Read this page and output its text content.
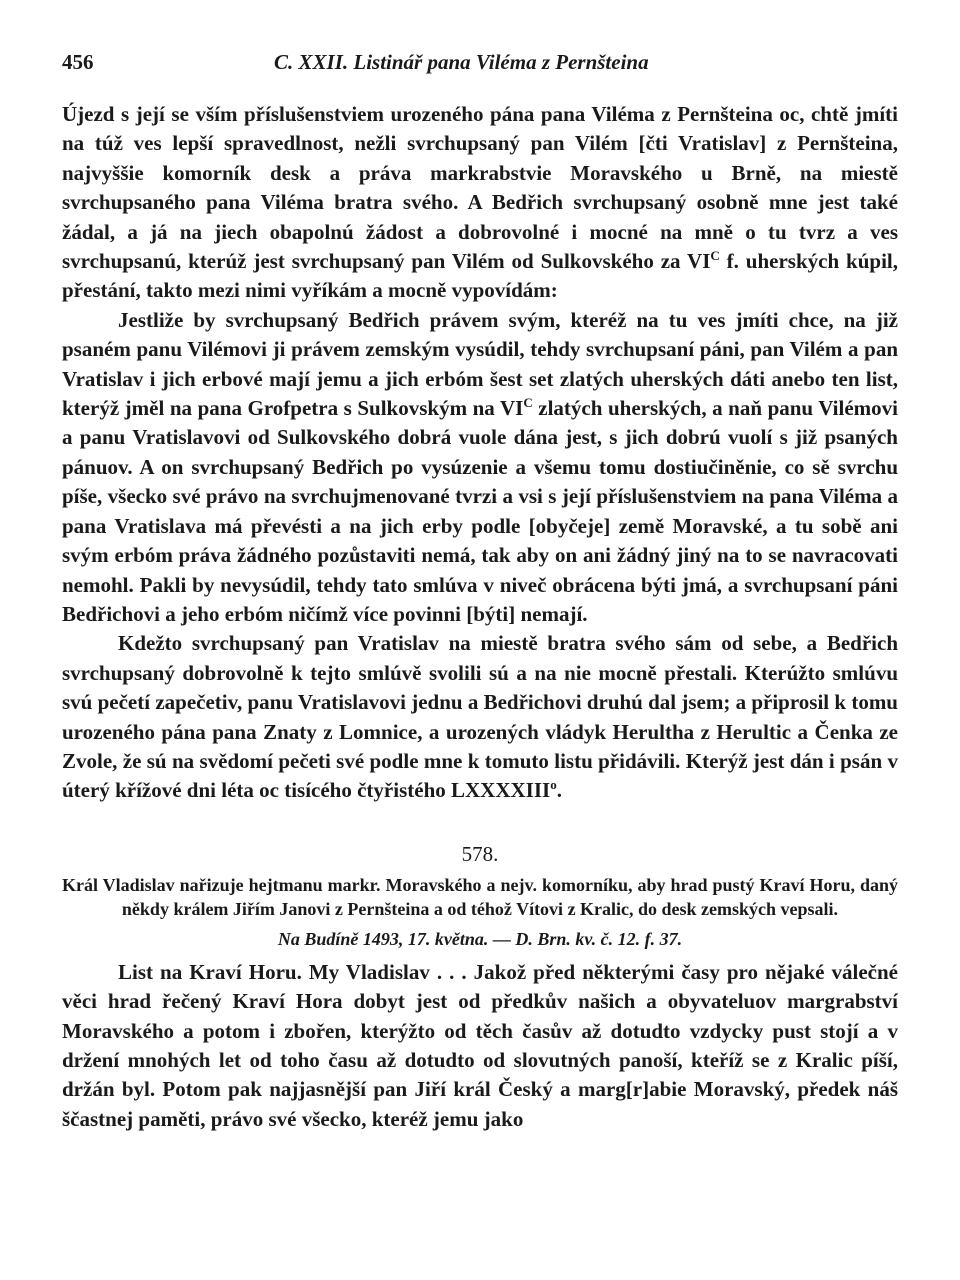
456	C. XXII. Listinář pana Viléma z Pernšteina

Újezd s její se vším příslušenstviem urozeného pána pana Viléma z Pernšteina oc, chtě jmíti na túž ves lepší spravedlnost, nežli svrchupsaný pan Vilém [čti Vratislav] z Pernšteina, najvyššie komorník desk a práva markrabstvie Moravského u Brně, na miestě svrchupsaného pana Viléma bratra svého. A Bedřich svrchupsaný osobně mne jest také žádal, a já na jiech obapolnú žádost a dobrovolné i mocné na mně o tu tvrz a ves svrchupsanú, kterúž jest svrchupsaný pan Vilém od Sulkovského za $VI^C$ f. uherských kúpil, přestání, takto mezi nimi vyříkám a mocně vypovídám:

Jestliže by svrchupsaný Bedřich právem svým, kteréž na tu ves jmíti chce, na již psaném panu Vilémovi ji právem zemským vysúdil, tehdy svrchupsaní páni, pan Vilém a pan Vratislav i jich erbové mají jemu a jich erbóm šest set zlatých uherských dáti anebo ten list, kterýž jměl na pana Grofpetra s Sulkovským na $VI^C$ zlatých uherských, a naň panu Vilémovi a panu Vratislavovi od Sulkovského dobrá vuole dána jest, s jich dobrú vuolí s již psaných pánuov. A on svrchupsaný Bedřich po vysúzenie a všemu tomu dostiučiněnie, co sě svrchu píše, všecko své právo na svrchujmenované tvrzi a vsi s její příslušenstviem na pana Viléma a pana Vratislava má převésti a na jich erby podle [obyčeje] země Moravské, a tu sobě ani svým erbóm práva žádného pozůstaviti nemá, tak aby on ani žádný jiný na to se navracovati nemohl. Pakli by nevysúdil, tehdy tato smlúva v niveč obrácena býti jmá, a svrchupsaní páni Bedřichovi a jeho erbóm ničímž více povinni [býti] nemají.

Kdežto svrchupsaný pan Vratislav na miestě bratra svého sám od sebe, a Bedřich svrchupsaný dobrovolně k tejto smlúvě svolili sú a na nie mocně přestali. Kterúžto smlúvu svú pečetí zapečetiv, panu Vratislavovi jednu a Bedřichovi druhú dal jsem; a připrosil k tomu urozeného pána pana Znaty z Lomnice, a urozených vládyk Herultha z Herultic a Čenka ze Zvole, že sú na svědomí pečeti své podle mne k tomuto listu přidávili. Kterýž jest dán i psán v úterý křížové dni léta oc tisícého čtyřistého LXXXXIII$^o$.

578.

Král Vladislav nařizuje hejtmanu markr. Moravského a nejv. komorníku, aby hrad pustý Kraví Horu, daný někdy králem Jiřím Janovi z Pernšteina a od téhož Vítovi z Kralic, do desk zemských vepsali.

Na Budíně 1493, 17. května. — D. Brn. kv. č. 12. f. 37.

List na Kraví Horu. My Vladislav . . . Jakož před některými časy pro nějaké válečné věci hrad řečený Kraví Hora dobyt jest od předkův našich a obyvateluov margrabství Moravského a potom i zbořen, kterýžto od těch časův až dotudto vzdycky pust stojí a v držení mnohých let od toho času až dotudto od slovutných panoší, kteříž se z Kralic píší, držán byl. Potom pak najjasnější pan Jiří král Český a marg[r]abie Moravský, předek náš ščastnej paměti, právo své všecko, kteréž jemu jako
